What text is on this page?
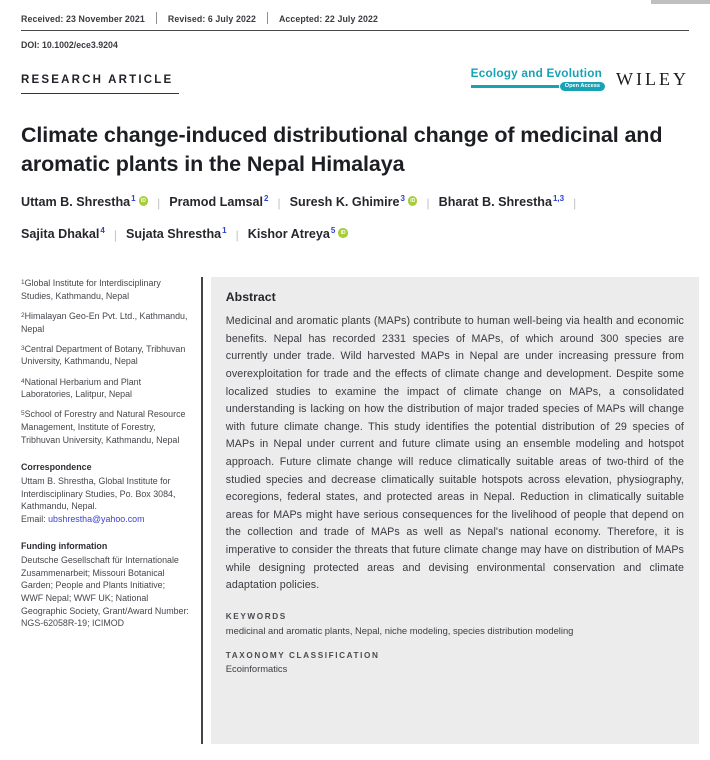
Received: 23 November 2021	Revised: 6 July 2022	Accepted: 22 July 2022
DOI: 10.1002/ece3.9204
RESEARCH ARTICLE	Ecology and Evolution
Open Access WILEY
Climate change-induced distributional change of medicinal and aromatic plants in the Nepal Himalaya
Uttam B. Shrestha 1	iD | Pramod Lamsal 2 | Suresh K. Ghimire 3	iD | Bharat B. Shrestha 1,3 |
Sajita Dhakal 4 | Sujata Shrestha 1 | Kishor Atreya 5	iD
$^1$Global Institute for Interdisciplinary Studies, Kathmandu, Nepal
$^2$Himalayan Geo-En Pvt. Ltd., Kathmandu, Nepal
$^3$Central Department of Botany, Tribhuvan University, Kathmandu, Nepal
$^4$National Herbarium and Plant Laboratories, Lalitpur, Nepal
$^5$School of Forestry and Natural Resource Management, Institute of Forestry, Tribhuvan University, Kathmandu, Nepal
Correspondence
Uttam B. Shrestha, Global Institute for Interdisciplinary Studies, Po. Box 3084, Kathmandu, Nepal.
Email: ubshrestha@yahoo.com
Funding information
Deutsche Gesellschaft für Internationale Zusammenarbeit; Missouri Botanical Garden; People and Plants Initiative; WWF Nepal; WWF UK; National Geographic Society, Grant/Award Number: NGS-62058R-19; ICIMOD
Abstract
Medicinal and aromatic plants (MAPs) contribute to human well-being via health and economic benefits. Nepal has recorded 2331 species of MAPs, of which around 300 species are currently under trade. Wild harvested MAPs in Nepal are under increasing pressure from overexploitation for trade and the effects of climate change and development. Despite some localized studies to examine the impact of climate change on MAPs, a consolidated understanding is lacking on how the distribution of major traded species of MAPs will change with future climate change. This study identifies the potential distribution of 29 species of MAPs in Nepal under current and future climate using an ensemble modeling and hotspot approach. Future climate change will reduce climatically suitable areas of two-third of the studied species and decrease climatically suitable hotspots across elevation, physiography, ecoregions, federal states, and protected areas in Nepal. Reduction in climatically suitable areas for MAPs might have serious consequences for the livelihood of people that depend on the collection and trade of MAPs as well as Nepal's national economy. Therefore, it is imperative to consider the threats that future climate change may have on distribution of MAPs while designing protected areas and devising environmental conservation and climate adaptation policies.
KEYWORDS
medicinal and aromatic plants, Nepal, niche modeling, species distribution modeling
TAXONOMY CLASSIFICATION
Ecoinformatics
